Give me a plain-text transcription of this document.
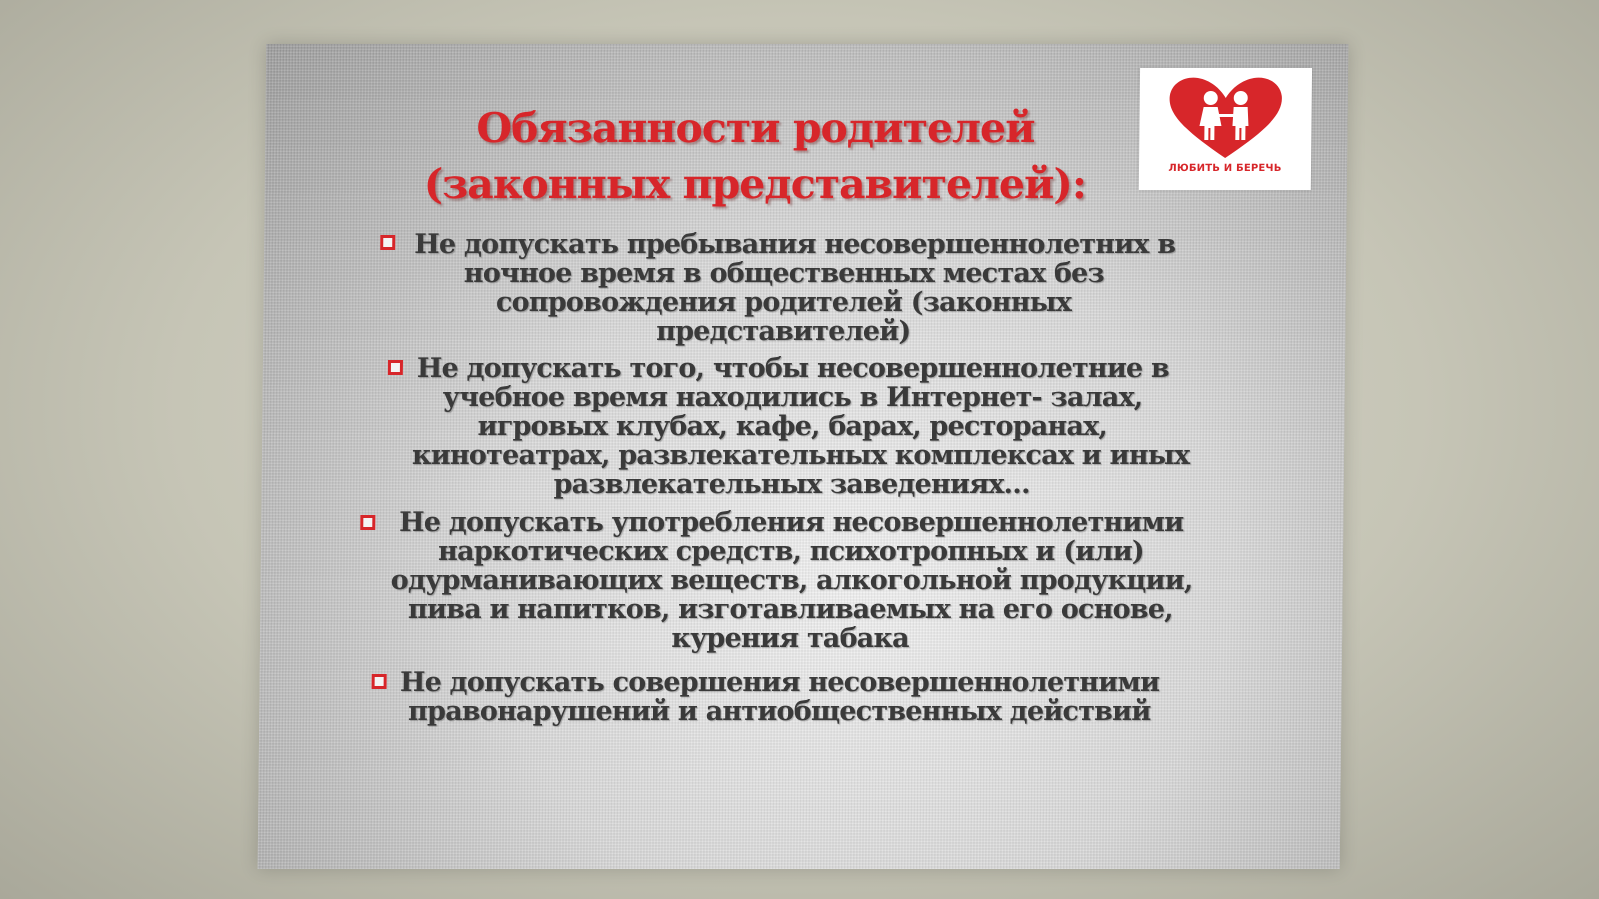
Обязанности родителей
(законных представителей):	ЛЮБИТЬ И БЕРЕЧЬ
Не допускать пребывания несовершеннолетних в
ночное время в общественных местах без
сопровождения родителей (законных
представителей)
Не допускать того, чтобы несовершеннолетние в
учебное время находились в Интернет- залах,
игровых клубах, кафе, барах, ресторанах,
кинотеатрах, развлекательных комплексах и иных
развлекательных заведениях…
Не допускать употребления несовершеннолетними
наркотических средств, психотропных и (или)
одурманивающих веществ, алкогольной продукции,
пива и напитков, изготавливаемых на его основе,
курения табака
Не допускать совершения несовершеннолетними
правонарушений и антиобщественных действий
